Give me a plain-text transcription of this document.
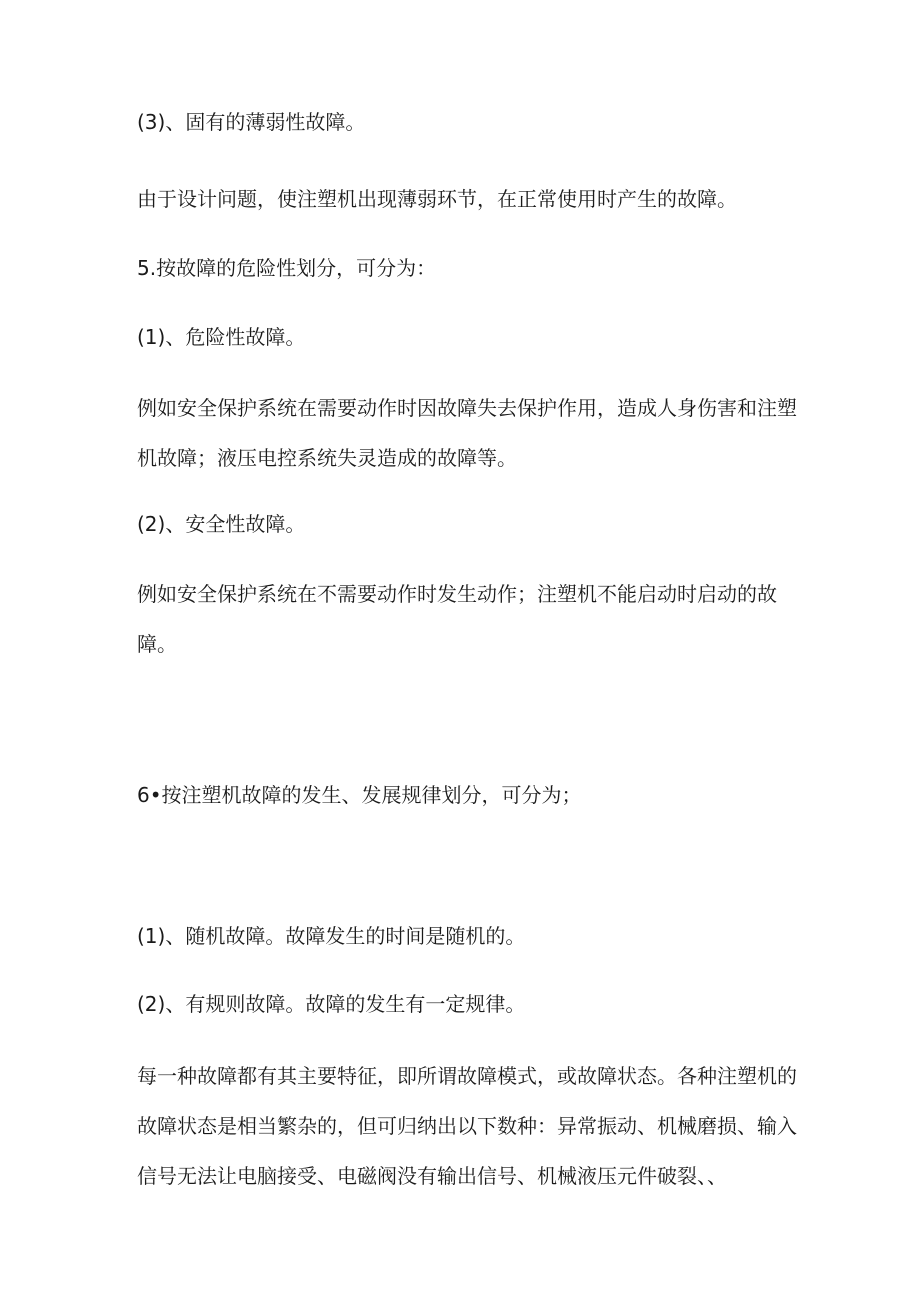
(3)、固有的薄弱性故障。

由于设计问题，使注塑机出现薄弱环节，在正常使用时产生的故障。

5.按故障的危险性划分，可分为：

(1)、危险性故障。

例如安全保护系统在需要动作时因故障失去保护作用，造成人身伤害和注塑机故障；液压电控系统失灵造成的故障等。

(2)、安全性故障。

例如安全保护系统在不需要动作时发生动作；注塑机不能启动时启动的故障。

6•按注塑机故障的发生、发展规律划分，可分为；

(1)、随机故障。故障发生的时间是随机的。

(2)、有规则故障。故障的发生有一定规律。

每一种故障都有其主要特征，即所谓故障模式，或故障状态。各种注塑机的故障状态是相当繁杂的，但可归纳出以下数种：异常振动、机械磨损、输入信号无法让电脑接受、电磁阀没有输出信号、机械液压元件破裂、、
